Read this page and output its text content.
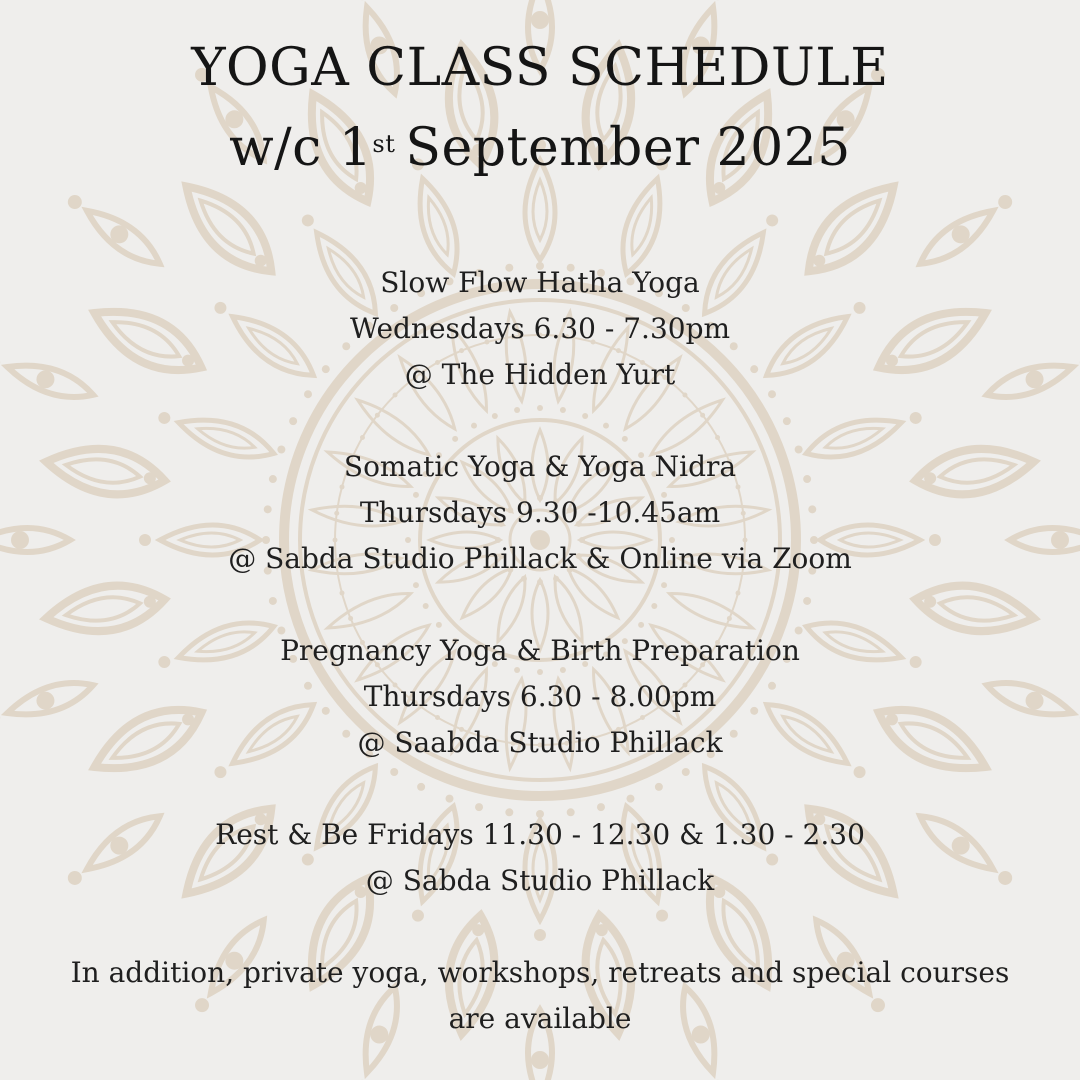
YOGA CLASS SCHEDULE
w/c 1st September 2025
Slow Flow Hatha Yoga
Wednesdays 6.30 - 7.30pm
@ The Hidden Yurt
Somatic Yoga & Yoga Nidra
Thursdays 9.30 -10.45am
@ Sabda Studio Phillack & Online via Zoom
Pregnancy Yoga & Birth Preparation
Thursdays 6.30 - 8.00pm
@ Saabda Studio Phillack
Rest & Be Fridays 11.30 - 12.30 & 1.30 - 2.30
@ Sabda Studio Phillack
In addition, private yoga, workshops, retreats and special courses
are available
